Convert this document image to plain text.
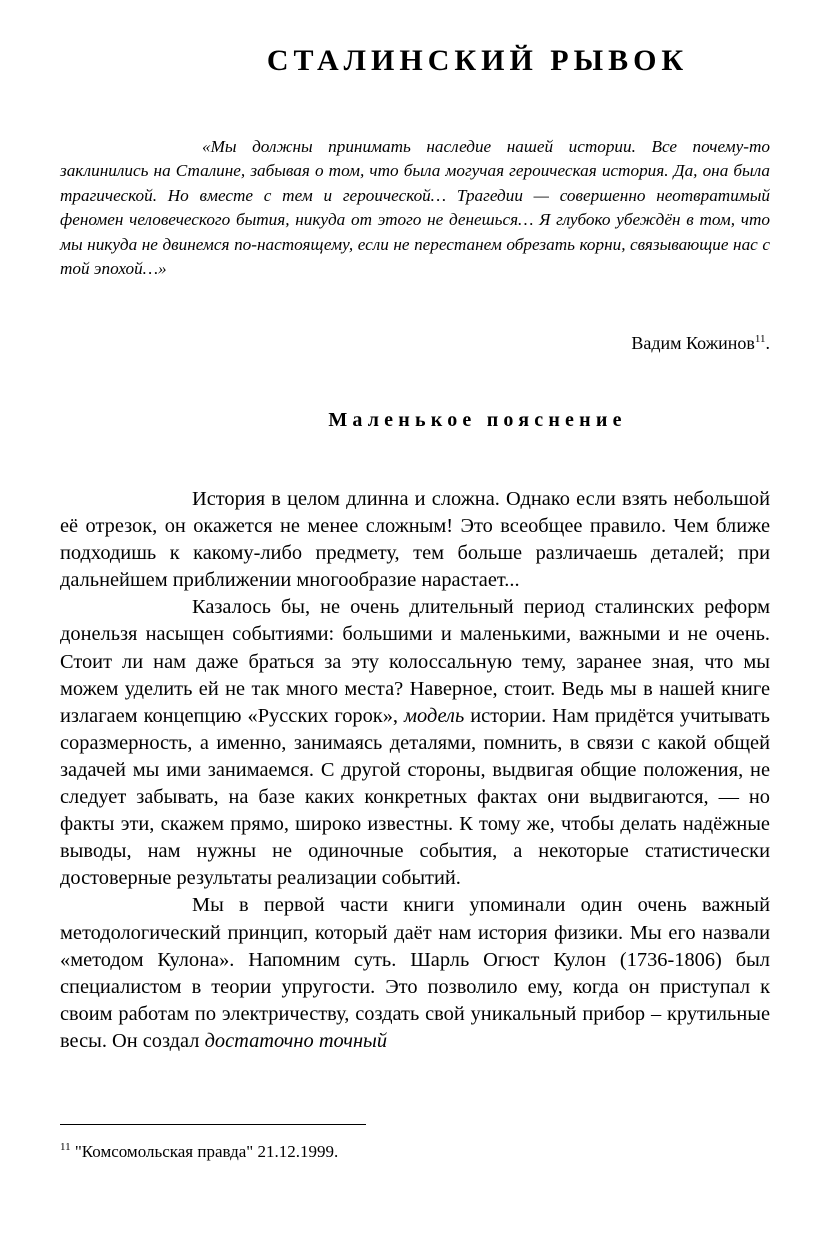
СТАЛИНСКИЙ РЫВОК

«Мы должны принимать наследие нашей истории. Все почему-то заклинились на Сталине, забывая о том, что была могучая героическая история. Да, она была трагической. Но вместе с тем и героической… Трагедии — совершенно неотвратимый феномен человеческого бытия, никуда от этого не денешься… Я глубоко убеждён в том, что мы никуда не двинемся по-настоящему, если не перестанем обрезать корни, связывающие нас с той эпохой…»

Вадим Кожинов$^{11}$.

Маленькое пояснение

История в целом длинна и сложна. Однако если взять небольшой её отрезок, он окажется не менее сложным! Это всеобщее правило. Чем ближе подходишь к какому-либо предмету, тем больше различаешь деталей; при дальнейшем приближении многообразие нарастает...

Казалось бы, не очень длительный период сталинских реформ донельзя насыщен событиями: большими и маленькими, важными и не очень. Стоит ли нам даже браться за эту колоссальную тему, заранее зная, что мы можем уделить ей не так много места? Наверное, стоит. Ведь мы в нашей книге излагаем концепцию «Русских горок», модель истории. Нам придётся учитывать соразмерность, а именно, занимаясь деталями, помнить, в связи с какой общей задачей мы ими занимаемся. С другой стороны, выдвигая общие положения, не следует забывать, на базе каких конкретных фактах они выдвигаются, — но факты эти, скажем прямо, широко известны. К тому же, чтобы делать надёжные выводы, нам нужны не одиночные события, а некоторые статистически достоверные результаты реализации событий.

Мы в первой части книги упоминали один очень важный методологический принцип, который даёт нам история физики. Мы его назвали «методом Кулона». Напомним суть. Шарль Огюст Кулон (1736-1806) был специалистом в теории упругости. Это позволило ему, когда он приступал к своим работам по электричеству, создать свой уникальный прибор – крутильные весы. Он создал достаточно точный

$^{11}$ "Комсомольская правда" 21.12.1999.
